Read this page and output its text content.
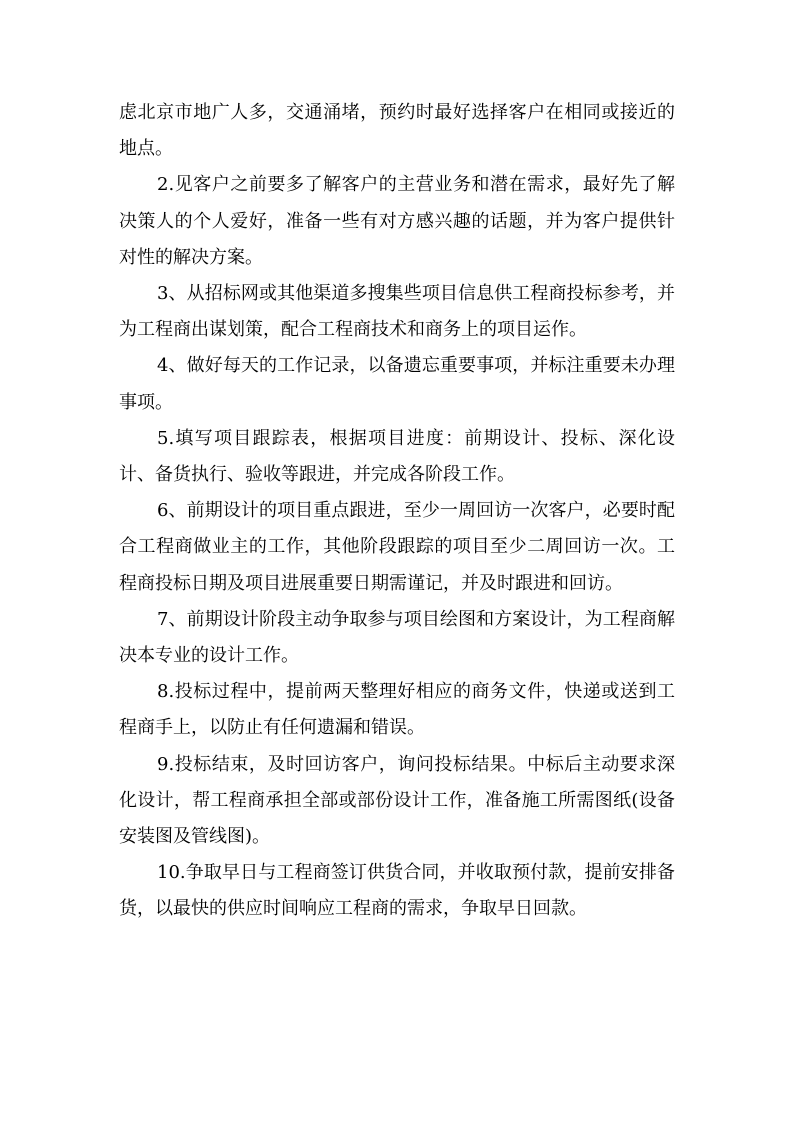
虑北京市地广人多，交通涌堵，预约时最好选择客户在相同或接近的地点。

2.见客户之前要多了解客户的主营业务和潜在需求，最好先了解决策人的个人爱好，准备一些有对方感兴趣的话题，并为客户提供针对性的解决方案。

3、从招标网或其他渠道多搜集些项目信息供工程商投标参考，并为工程商出谋划策，配合工程商技术和商务上的项目运作。

4、做好每天的工作记录，以备遗忘重要事项，并标注重要未办理事项。

5.填写项目跟踪表，根据项目进度：前期设计、投标、深化设计、备货执行、验收等跟进，并完成各阶段工作。

6、前期设计的项目重点跟进，至少一周回访一次客户，必要时配合工程商做业主的工作，其他阶段跟踪的项目至少二周回访一次。工程商投标日期及项目进展重要日期需谨记，并及时跟进和回访。

7、前期设计阶段主动争取参与项目绘图和方案设计，为工程商解决本专业的设计工作。

8.投标过程中，提前两天整理好相应的商务文件，快递或送到工程商手上，以防止有任何遗漏和错误。

9.投标结束，及时回访客户，询问投标结果。中标后主动要求深化设计，帮工程商承担全部或部份设计工作，准备施工所需图纸(设备安装图及管线图)。

10.争取早日与工程商签订供货合同，并收取预付款，提前安排备货，以最快的供应时间响应工程商的需求，争取早日回款。
